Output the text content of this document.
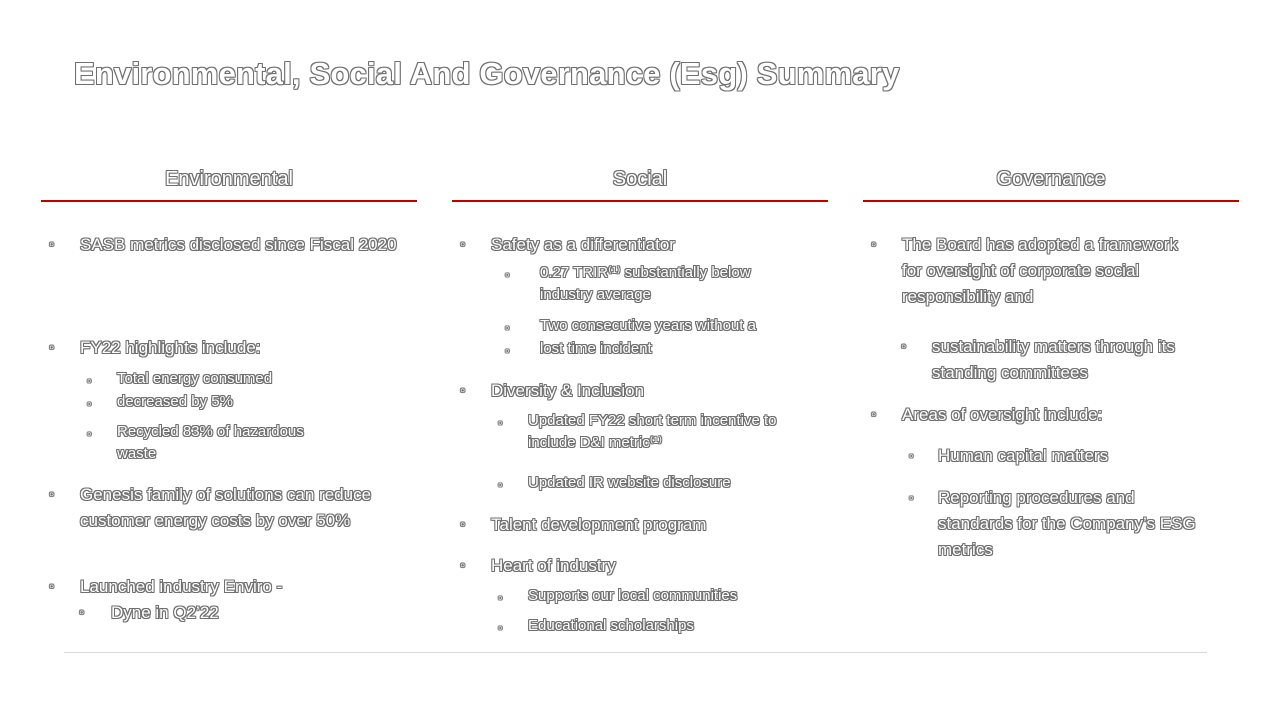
Environmental, Social And Governance (Esg) Summary
Environmental
◦	SASB metrics disclosed since Fiscal 2020
◦	FY22 highlights include:
◦	Total energy consumed
◦	decreased by 5%
◦	Recycled 83% of hazardous waste
◦	Genesis family of solutions can reduce customer energy costs by over 50%
◦	Launched industry Enviro -
◦	Dyne in Q2’22
Social
◦	Safety as a differentiator
◦	0.27 TRIR⁽¹⁾ substantially below industry average
◦	Two consecutive years without a
◦	lost time incident
◦	Diversity & Inclusion
◦	Updated FY22 short term incentive to include D&I metric⁽¹⁾
◦	Updated IR website disclosure
◦	Talent development program
◦	Heart of industry
◦	Supports our local communities
◦	Educational scholarships
Governance
◦	The Board has adopted a framework for oversight of corporate social responsibility and
◦	sustainability matters through its standing committees
◦	Areas of oversight include:
◦	Human capital matters
◦	Reporting procedures and standards for the Company’s ESG metrics
